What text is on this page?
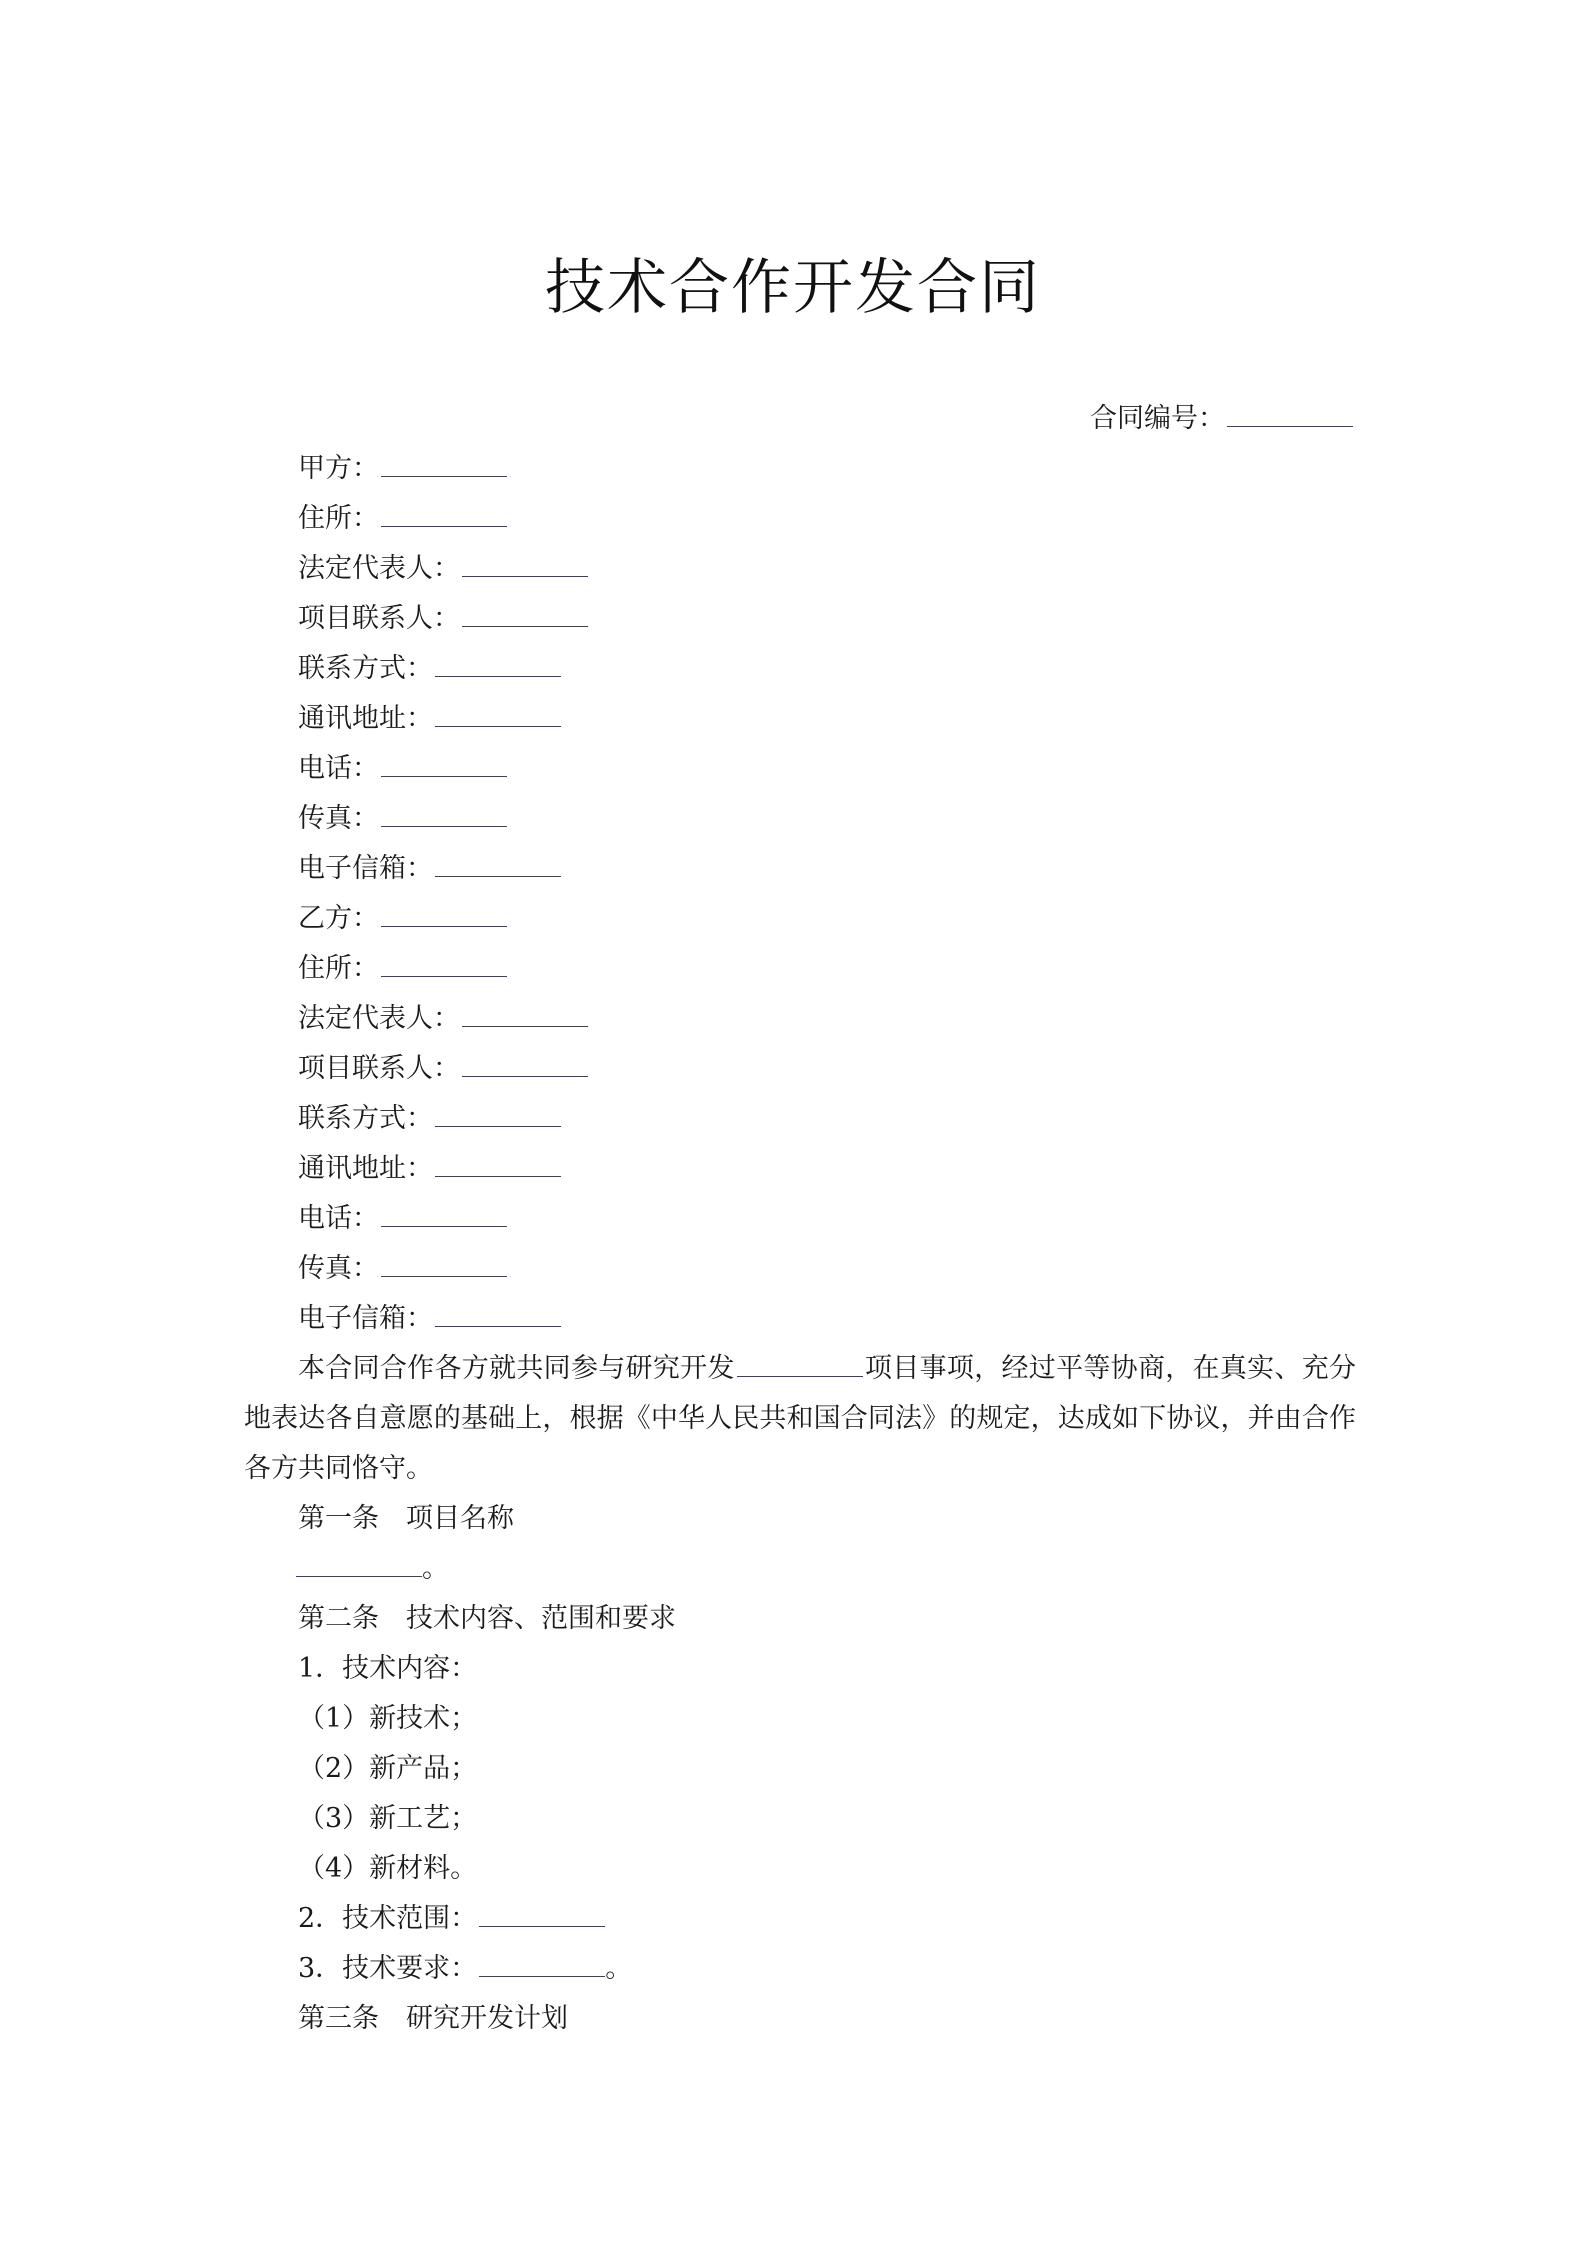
技术合作开发合同
合同编号：
甲方：
住所：
法定代表人：
项目联系人：
联系方式：
通讯地址：
电话：
传真：
电子信箱：
乙方：
住所：
法定代表人：
项目联系人：
联系方式：
通讯地址：
电话：
传真：
电子信箱：
本合同合作各方就共同参与研究开发	项目事项，经过平等协商，在真实、充分地表达各自意愿的基础上，根据《中华人民共和国合同法》的规定，达成如下协议，并由合作各方共同恪守。
第一条　项目名称
。
第二条　技术内容、范围和要求
1．技术内容：
（1）新技术；
（2）新产品；
（3）新工艺；
（4）新材料。
2．技术范围：
3．技术要求：	。
第三条　研究开发计划
